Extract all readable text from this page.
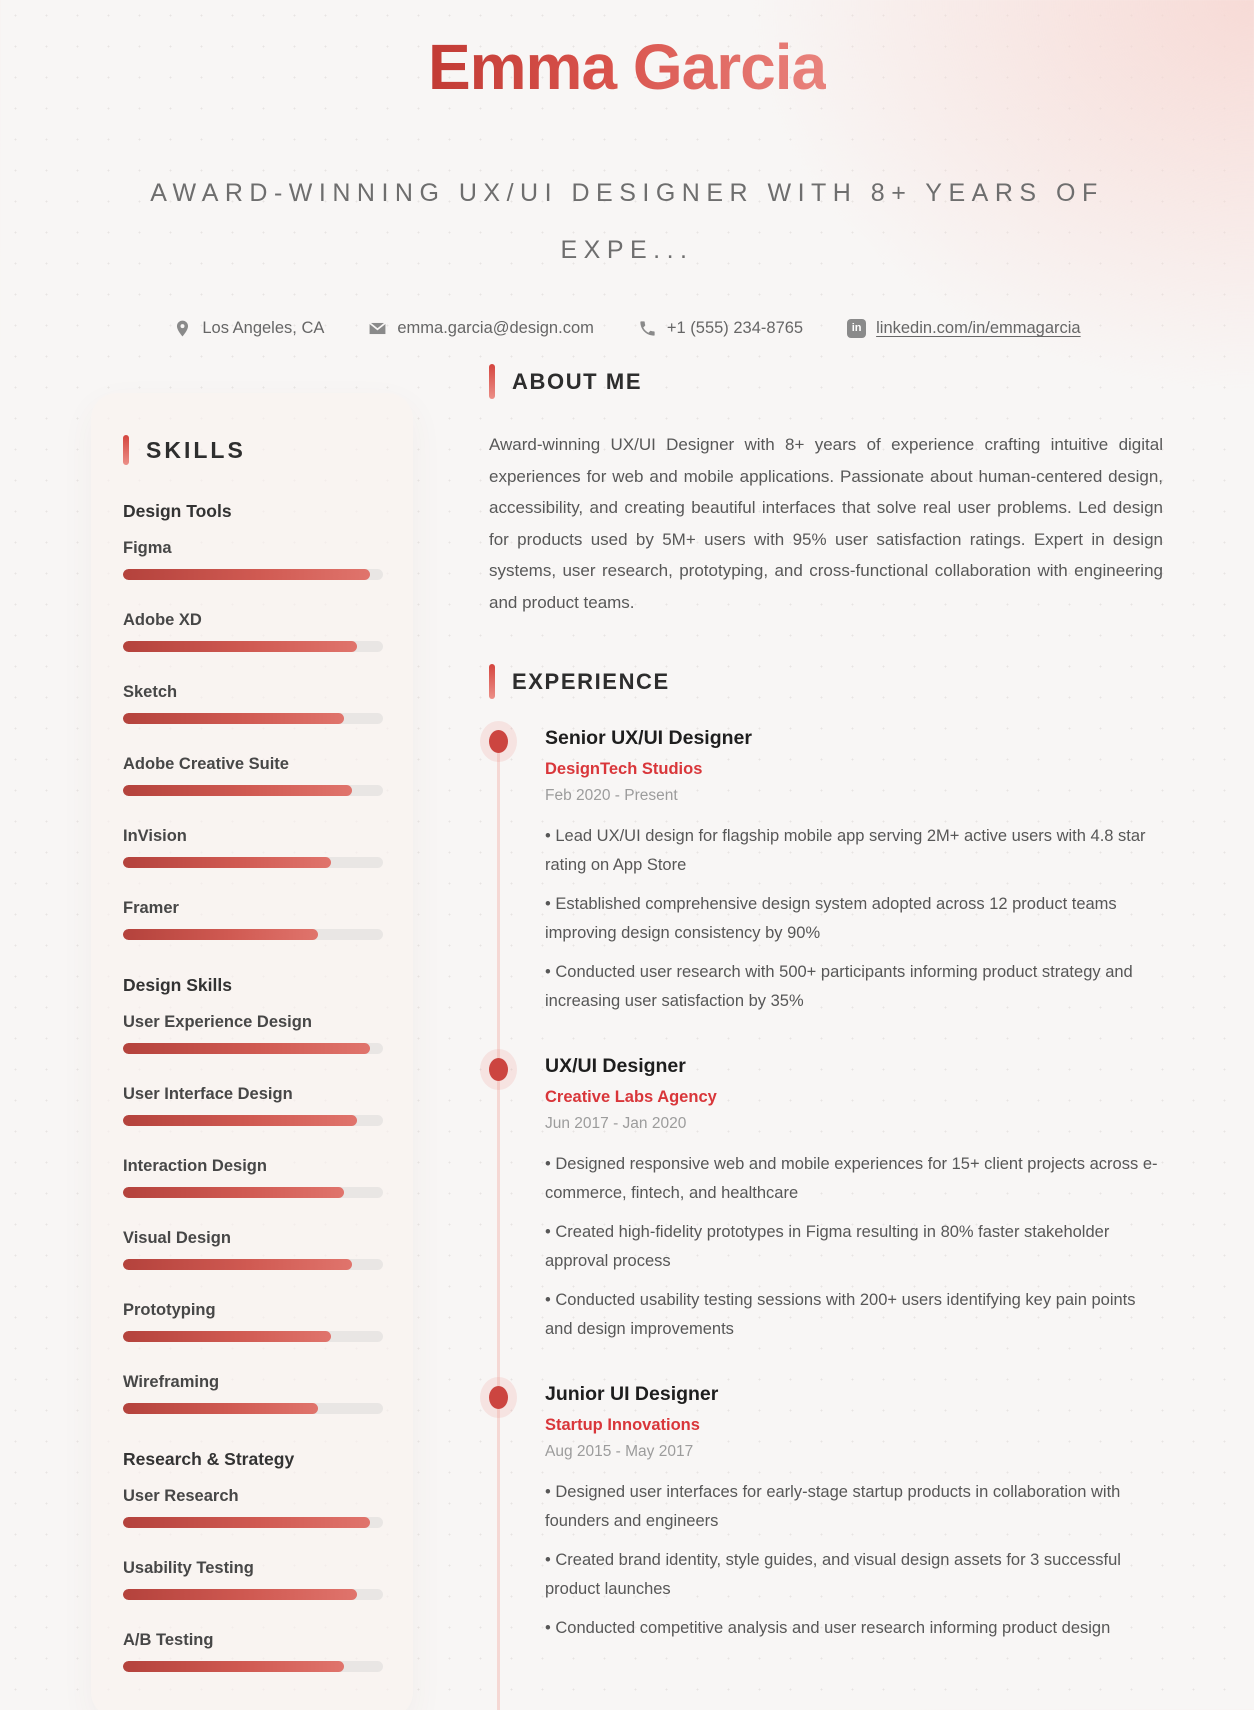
Emma Garcia
AWARD-WINNING UX/UI DESIGNER WITH 8+ YEARS OF EXPE...
Los Angeles, CA	emma.garcia@design.com	+1 (555) 234-8765	in linkedin.com/in/emmagarcia
SKILLS
Design Tools
Figma
Adobe XD
Sketch
Adobe Creative Suite
InVision
Framer
Design Skills
User Experience Design
User Interface Design
Interaction Design
Visual Design
Prototyping
Wireframing
Research & Strategy
User Research
Usability Testing
A/B Testing
ABOUT ME

Award-winning UX/UI Designer with 8+ years of experience crafting intuitive digital experiences for web and mobile applications. Passionate about human-centered design, accessibility, and creating beautiful interfaces that solve real user problems. Led design for products used by 5M+ users with 95% user satisfaction ratings. Expert in design systems, user research, prototyping, and cross-functional collaboration with engineering and product teams.

EXPERIENCE
Senior UX/UI Designer
DesignTech Studios
Feb 2020 - Present

• Lead UX/UI design for flagship mobile app serving 2M+ active users with 4.8 star rating on App Store

• Established comprehensive design system adopted across 12 product teams improving design consistency by 90%

• Conducted user research with 500+ participants informing product strategy and increasing user satisfaction by 35%

UX/UI Designer
Creative Labs Agency
Jun 2017 - Jan 2020

• Designed responsive web and mobile experiences for 15+ client projects across e-commerce, fintech, and healthcare

• Created high-fidelity prototypes in Figma resulting in 80% faster stakeholder approval process

• Conducted usability testing sessions with 200+ users identifying key pain points and design improvements

Junior UI Designer
Startup Innovations
Aug 2015 - May 2017

• Designed user interfaces for early-stage startup products in collaboration with founders and engineers

• Created brand identity, style guides, and visual design assets for 3 successful product launches

• Conducted competitive analysis and user research informing product design
